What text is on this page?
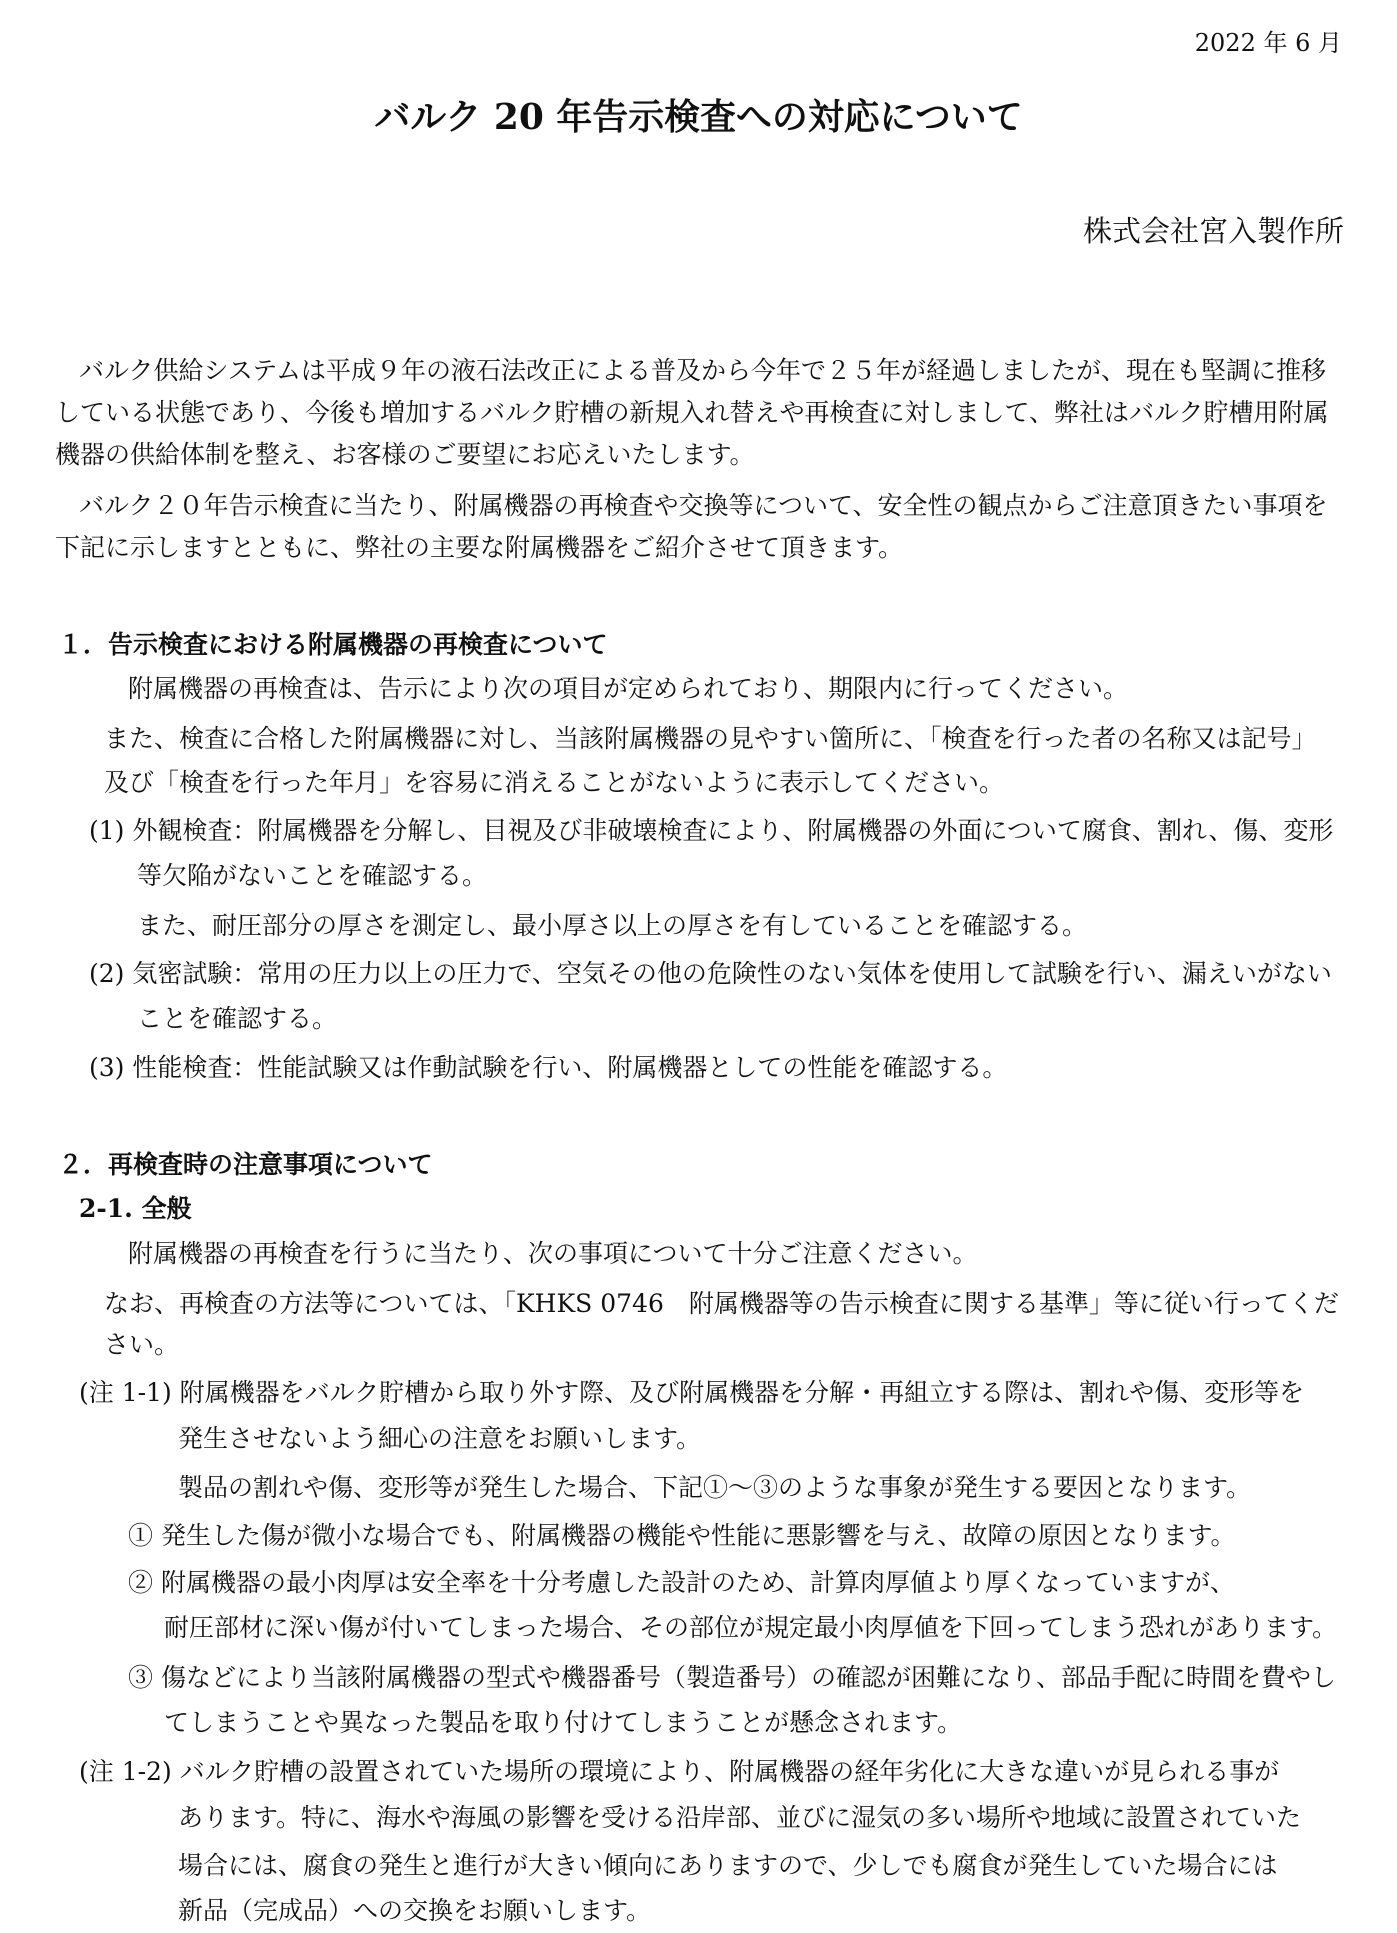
2022 年 6 月

バルク 20 年告示検査への対応について

株式会社宮入製作所

バルク供給システムは平成９年の液石法改正による普及から今年で２５年が経過しましたが、現在も堅調に推移

している状態であり、今後も増加するバルク貯槽の新規入れ替えや再検査に対しまして、弊社はバルク貯槽用附属

機器の供給体制を整え、お客様のご要望にお応えいたします。

バルク２０年告示検査に当たり、附属機器の再検査や交換等について、安全性の観点からご注意頂きたい事項を

下記に示しますとともに、弊社の主要な附属機器をご紹介させて頂きます。

１．告示検査における附属機器の再検査について

附属機器の再検査は、告示により次の項目が定められており、期限内に行ってください。

また、検査に合格した附属機器に対し、当該附属機器の見やすい箇所に、「検査を行った者の名称又は記号」

及び「検査を行った年月」を容易に消えることがないように表示してください。

(1) 外観検査：附属機器を分解し、目視及び非破壊検査により、附属機器の外面について腐食、割れ、傷、変形

等欠陥がないことを確認する。

また、耐圧部分の厚さを測定し、最小厚さ以上の厚さを有していることを確認する。

(2) 気密試験：常用の圧力以上の圧力で、空気その他の危険性のない気体を使用して試験を行い、漏えいがない

ことを確認する。

(3) 性能検査：性能試験又は作動試験を行い、附属機器としての性能を確認する。

２．再検査時の注意事項について

2-1. 全般

附属機器の再検査を行うに当たり、次の事項について十分ご注意ください。

なお、再検査の方法等については、「KHKS 0746　附属機器等の告示検査に関する基準」等に従い行ってくだ

さい。

(注 1-1) 附属機器をバルク貯槽から取り外す際、及び附属機器を分解・再組立する際は、割れや傷、変形等を

発生させないよう細心の注意をお願いします。

製品の割れや傷、変形等が発生した場合、下記①～③のような事象が発生する要因となります。

① 発生した傷が微小な場合でも、附属機器の機能や性能に悪影響を与え、故障の原因となります。

② 附属機器の最小肉厚は安全率を十分考慮した設計のため、計算肉厚値より厚くなっていますが、

耐圧部材に深い傷が付いてしまった場合、その部位が規定最小肉厚値を下回ってしまう恐れがあります。

③ 傷などにより当該附属機器の型式や機器番号（製造番号）の確認が困難になり、部品手配に時間を費やし

てしまうことや異なった製品を取り付けてしまうことが懸念されます。

(注 1-2) バルク貯槽の設置されていた場所の環境により、附属機器の経年劣化に大きな違いが見られる事が

あります。特に、海水や海風の影響を受ける沿岸部、並びに湿気の多い場所や地域に設置されていた

場合には、腐食の発生と進行が大きい傾向にありますので、少しでも腐食が発生していた場合には

新品（完成品）への交換をお願いします。
